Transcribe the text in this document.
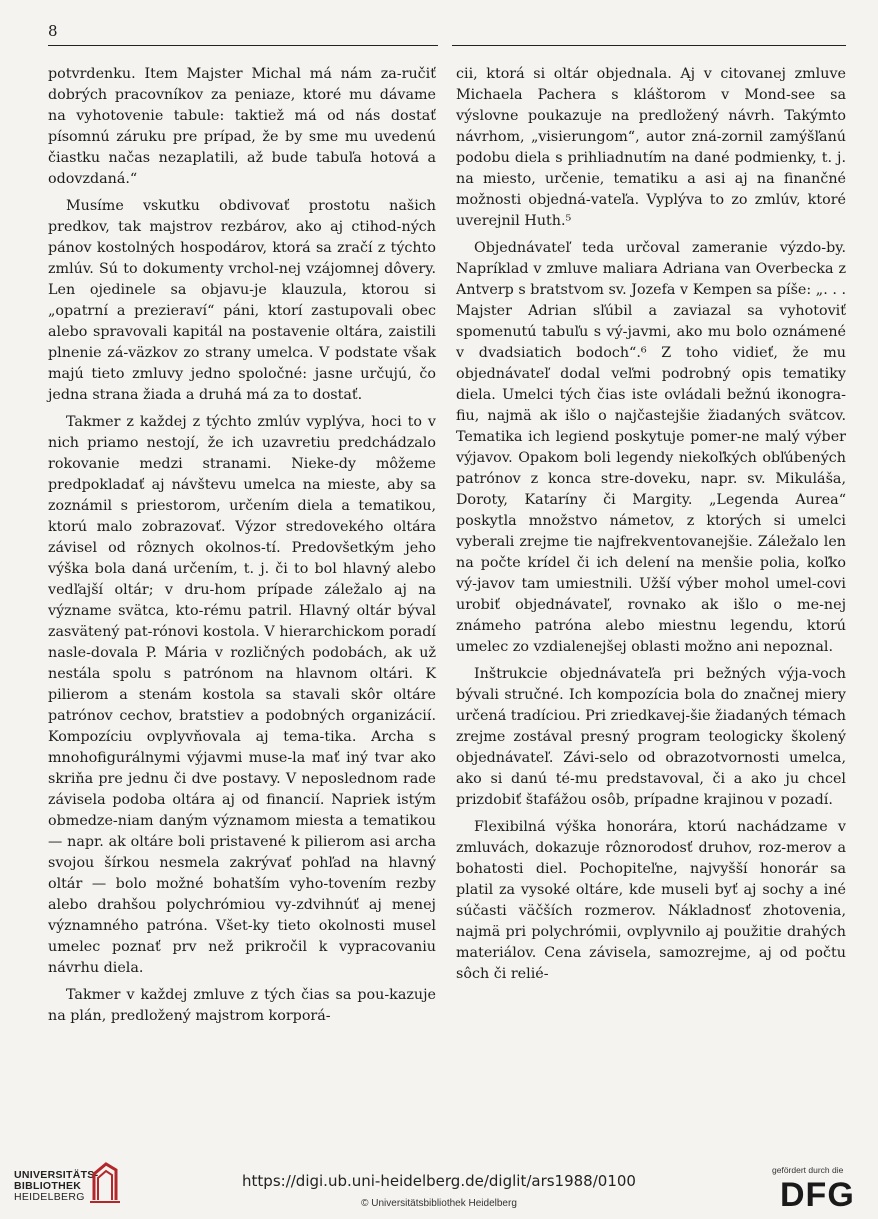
8

potvrdenku. Item Majster Michal má nám za-ručiť dobrých pracovníkov za peniaze, ktoré mu dávame na vyhotovenie tabule: taktiež má od nás dostať písomnú záruku pre prípad, že by sme mu uvedenú čiastku načas nezaplatili, až bude tabuľa hotová a odovzdaná.“

Musíme vskutku obdivovať prostotu našich predkov, tak majstrov rezbárov, ako aj ctihod-ných pánov kostolných hospodárov, ktorá sa zračí z týchto zmlúv. Sú to dokumenty vrchol-nej vzájomnej dôvery. Len ojedinele sa objavu-je klauzula, ktorou si „opatrní a prezieraví“ páni, ktorí zastupovali obec alebo spravovali kapitál na postavenie oltára, zaistili plnenie zá-väzkov zo strany umelca. V podstate však majú tieto zmluvy jedno spoločné: jasne určujú, čo jedna strana žiada a druhá má za to dostať.

Takmer z každej z týchto zmlúv vyplýva, hoci to v nich priamo nestojí, že ich uzavretiu predchádzalo rokovanie medzi stranami. Nieke-dy môžeme predpokladať aj návštevu umelca na mieste, aby sa zoznámil s priestorom, určením diela a tematikou, ktorú malo zobrazovať. Výzor stredovekého oltára závisel od rôznych okolnos-tí. Predovšetkým jeho výška bola daná určením, t. j. či to bol hlavný alebo vedľajší oltár; v dru-hom prípade záležalo aj na význame svätca, kto-rému patril. Hlavný oltár býval zasvätený pat-rónovi kostola. V hierarchickom poradí nasle-dovala P. Mária v rozličných podobách, ak už nestála spolu s patrónom na hlavnom oltári. K pilierom a stenám kostola sa stavali skôr oltáre patrónov cechov, bratstiev a podobných organizácií. Kompozíciu ovplyvňovala aj tema-tika. Archa s mnohofigurálnymi výjavmi muse-la mať iný tvar ako skriňa pre jednu či dve postavy. V neposlednom rade závisela podoba oltára aj od financií. Napriek istým obmedze-niam daným významom miesta a tematikou — napr. ak oltáre boli pristavené k pilierom asi archa svojou šírkou nesmela zakrývať pohľad na hlavný oltár — bolo možné bohatším vyho-tovením rezby alebo drahšou polychrómiou vy-zdvihnúť aj menej významného patróna. Všet-ky tieto okolnosti musel umelec poznať prv než prikročil k vypracovaniu návrhu diela.

Takmer v každej zmluve z tých čias sa pou-kazuje na plán, predložený majstrom korporá-

cii, ktorá si oltár objednala. Aj v citovanej zmluve Michaela Pachera s kláštorom v Mond-see sa výslovne poukazuje na predložený návrh. Takýmto návrhom, „visierungom“, autor zná-zornil zamýšľanú podobu diela s prihliadnutím na dané podmienky, t. j. na miesto, určenie, tematiku a asi aj na finančné možnosti objedná-vateľa. Vyplýva to zo zmlúv, ktoré uverejnil Huth.⁵

Objednávateľ teda určoval zameranie výzdo-by. Napríklad v zmluve maliara Adriana van Overbecka z Antverp s bratstvom sv. Jozefa v Kempen sa píše: „. . . Majster Adrian sľúbil a zaviazal sa vyhotoviť spomenutú tabuľu s vý-javmi, ako mu bolo oznámené v dvadsiatich bodoch“.⁶ Z toho vidieť, že mu objednávateľ dodal veľmi podrobný opis tematiky diela. Umelci tých čias iste ovládali bežnú ikonogra-fiu, najmä ak išlo o najčastejšie žiadaných svätcov. Tematika ich legiend poskytuje pomer-ne malý výber výjavov. Opakom boli legendy niekoľkých obľúbených patrónov z konca stre-doveku, napr. sv. Mikuláša, Doroty, Kataríny či Margity. „Legenda Aurea“ poskytla množstvo námetov, z ktorých si umelci vyberali zrejme tie najfrekventovanejšie. Záležalo len na počte krídel či ich delení na menšie polia, koľko vý-javov tam umiestnili. Užší výber mohol umel-covi urobiť objednávateľ, rovnako ak išlo o me-nej známeho patróna alebo miestnu legendu, ktorú umelec zo vzdialenejšej oblasti možno ani nepoznal.

Inštrukcie objednávateľa pri bežných výja-voch bývali stručné. Ich kompozícia bola do značnej miery určená tradíciou. Pri zriedkavej-šie žiadaných témach zrejme zostával presný program teologicky školený objednávateľ. Závi-selo od obrazotvornosti umelca, ako si danú té-mu predstavoval, či a ako ju chcel prizdobiť štafážou osôb, prípadne krajinou v pozadí.

Flexibilná výška honorára, ktorú nachádzame v zmluvách, dokazuje rôznorodosť druhov, roz-merov a bohatosti diel. Pochopiteľne, najvyšší honorár sa platil za vysoké oltáre, kde museli byť aj sochy a iné súčasti väčších rozmerov. Nákladnosť zhotovenia, najmä pri polychrómii, ovplyvnilo aj použitie drahých materiálov. Cena závisela, samozrejme, aj od počtu sôch či relié-

UNIVERSITÄTS-
BIBLIOTHEK
HEIDELBERG
https://digi.ub.uni-heidelberg.de/diglit/ars1988/0100
© Universitätsbibliothek Heidelberg
gefördert durch die
DFG
